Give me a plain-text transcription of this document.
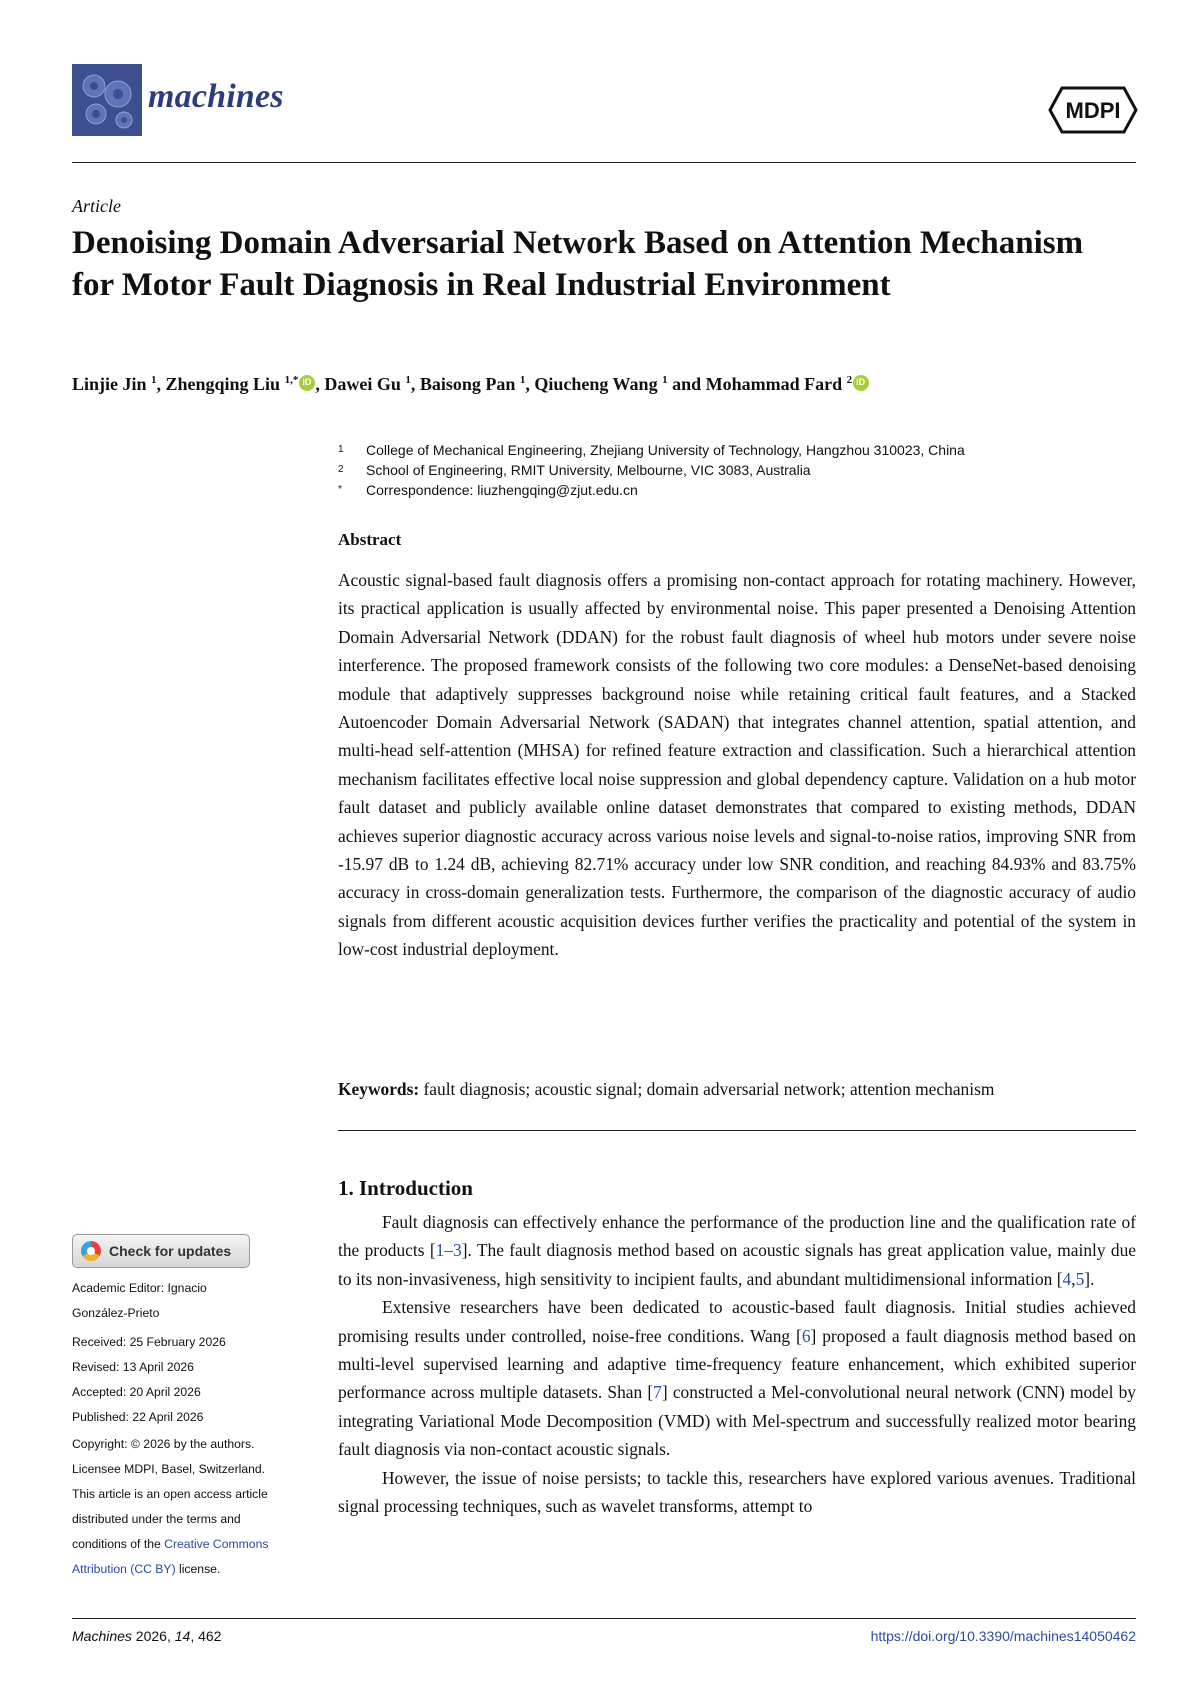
machines	MDPI
Article
Denoising Domain Adversarial Network Based on Attention Mechanism for Motor Fault Diagnosis in Real Industrial Environment
Linjie Jin $^1$, Zhengqing Liu $^{1,*}$ iD , Dawei Gu $^1$, Baisong Pan $^1$, Qiucheng Wang $^1$ and Mohammad Fard $^2$iD
1	College of Mechanical Engineering, Zhejiang University of Technology, Hangzhou 310023, China
2	School of Engineering, RMIT University, Melbourne, VIC 3083, Australia
*	Correspondence: liuzhengqing@zjut.edu.cn
Abstract

Acoustic signal-based fault diagnosis offers a promising non-contact approach for rotating machinery. However, its practical application is usually affected by environmental noise. This paper presented a Denoising Attention Domain Adversarial Network (DDAN) for the robust fault diagnosis of wheel hub motors under severe noise interference. The proposed framework consists of the following two core modules: a DenseNet-based denoising module that adaptively suppresses background noise while retaining critical fault features, and a Stacked Autoencoder Domain Adversarial Network (SADAN) that integrates channel attention, spatial attention, and multi-head self-attention (MHSA) for refined feature extraction and classification. Such a hierarchical attention mechanism facilitates effective local noise suppression and global dependency capture. Validation on a hub motor fault dataset and publicly available online dataset demonstrates that compared to existing methods, DDAN achieves superior diagnostic accuracy across various noise levels and signal-to-noise ratios, improving SNR from -15.97 dB to 1.24 dB, achieving 82.71% accuracy under low SNR condition, and reaching 84.93% and 83.75% accuracy in cross-domain generalization tests. Furthermore, the comparison of the diagnostic accuracy of audio signals from different acoustic acquisition devices further verifies the practicality and potential of the system in low-cost industrial deployment.

Keywords: fault diagnosis; acoustic signal; domain adversarial network; attention mechanism

1. Introduction

Fault diagnosis can effectively enhance the performance of the production line and the qualification rate of the products [1–3]. The fault diagnosis method based on acoustic signals has great application value, mainly due to its non-invasiveness, high sensitivity to incipient faults, and abundant multidimensional information [4,5].

Extensive researchers have been dedicated to acoustic-based fault diagnosis. Initial studies achieved promising results under controlled, noise-free conditions. Wang [6] proposed a fault diagnosis method based on multi-level supervised learning and adaptive time-frequency feature enhancement, which exhibited superior performance across multiple datasets. Shan [7] constructed a Mel-convolutional neural network (CNN) model by integrating Variational Mode Decomposition (VMD) with Mel-spectrum and successfully realized motor bearing fault diagnosis via non-contact acoustic signals.

However, the issue of noise persists; to tackle this, researchers have explored various avenues. Traditional signal processing techniques, such as wavelet transforms, attempt to

Check for updates
Academic Editor: Ignacio
González-Prieto
Received: 25 February 2026
Revised: 13 April 2026
Accepted: 20 April 2026
Published: 22 April 2026
Copyright: © 2026 by the authors.
Licensee MDPI, Basel, Switzerland.
This article is an open access article
distributed under the terms and
conditions of the Creative Commons
Attribution (CC BY) license.
Machines 2026, 14, 462	https://doi.org/10.3390/machines14050462
